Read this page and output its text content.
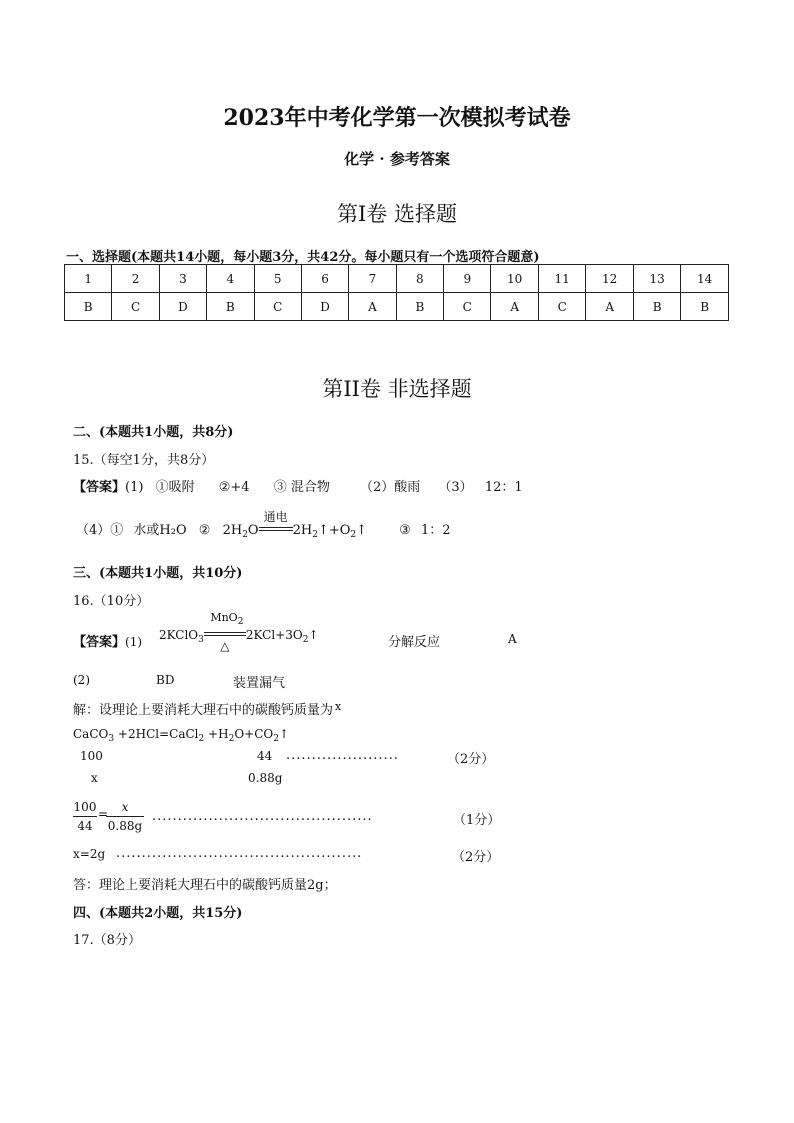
2023年中考化学第一次模拟考试卷
化学 · 参考答案
第Ⅰ卷 选择题
一、选择题(本题共14小题，每小题3分，共42分。每小题只有一个选项符合题意)
1	2	3	4	5	6	7	8	9	10	11	12	13	14
B	C	D	B	C	D	A	B	C	A	C	A	B	B
第II卷 非选择题
二、(本题共1小题，共8分)
15.（每空1分，共8分）
【答案】(1) ①吸附 ②+4 ③ 混合物 （2）酸雨 （3） 12：1
（4）① 水或H₂O ② $2H_2O$
通电
$2H_2↑+O_2↑$ ③ 1：2
三、(本题共1小题，共10分)
16.（10分）
【答案】(1) 2KClO$_3$
MnO$_2$
△
$2KCl+3O_2↑$	分解反应	A
(2)	BD	装置漏气
解：设理论上要消耗大理石中的碳酸钙质量为 $^x$
CaCO$_3$ +2HCl=CaCl$_2$ $+H_2O+CO_2↑$
100	44 ......................	（2分）
x	0.88g
100
44
=	x
0.88g
...........................................	（1分）
x=2g ................................................	（2分）
答：理论上要消耗大理石中的碳酸钙质量2g；
四、(本题共2小题，共15分)
17.（8分）
